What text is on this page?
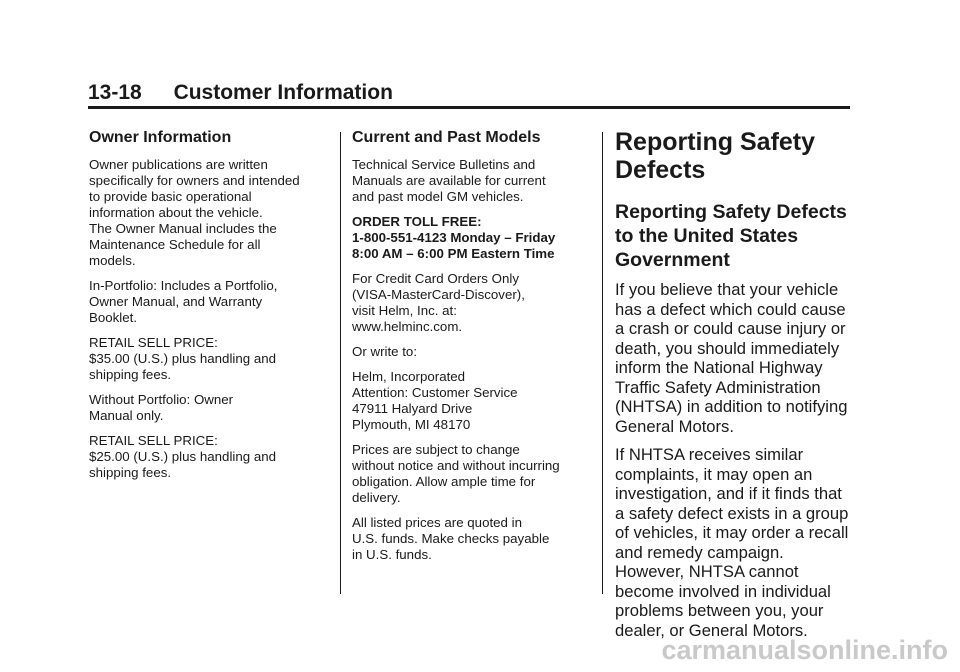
13-18 Customer Information
Owner Information

Owner publications are written
specifically for owners and intended
to provide basic operational
information about the vehicle.
The Owner Manual includes the
Maintenance Schedule for all
models.

In-Portfolio: Includes a Portfolio,
Owner Manual, and Warranty
Booklet.

RETAIL SELL PRICE:
$35.00 (U.S.) plus handling and
shipping fees.

Without Portfolio: Owner
Manual only.

RETAIL SELL PRICE:
$25.00 (U.S.) plus handling and
shipping fees.

Current and Past Models

Technical Service Bulletins and
Manuals are available for current
and past model GM vehicles.

ORDER TOLL FREE:
1-800-551-4123 Monday – Friday
8:00 AM – 6:00 PM Eastern Time

For Credit Card Orders Only
(VISA-MasterCard-Discover),
visit Helm, Inc. at:
www.helminc.com.

Or write to:

Helm, Incorporated
Attention: Customer Service
47911 Halyard Drive
Plymouth, MI 48170

Prices are subject to change
without notice and without incurring
obligation. Allow ample time for
delivery.

All listed prices are quoted in
U.S. funds. Make checks payable
in U.S. funds.

Reporting Safety
Defects
Reporting Safety Defects
to the United States
Government

If you believe that your vehicle
has a defect which could cause
a crash or could cause injury or
death, you should immediately
inform the National Highway
Traffic Safety Administration
(NHTSA) in addition to notifying
General Motors.

If NHTSA receives similar
complaints, it may open an
investigation, and if it finds that
a safety defect exists in a group
of vehicles, it may order a recall
and remedy campaign.
However, NHTSA cannot
become involved in individual
problems between you, your
dealer, or General Motors.

carmanualsonline.info
